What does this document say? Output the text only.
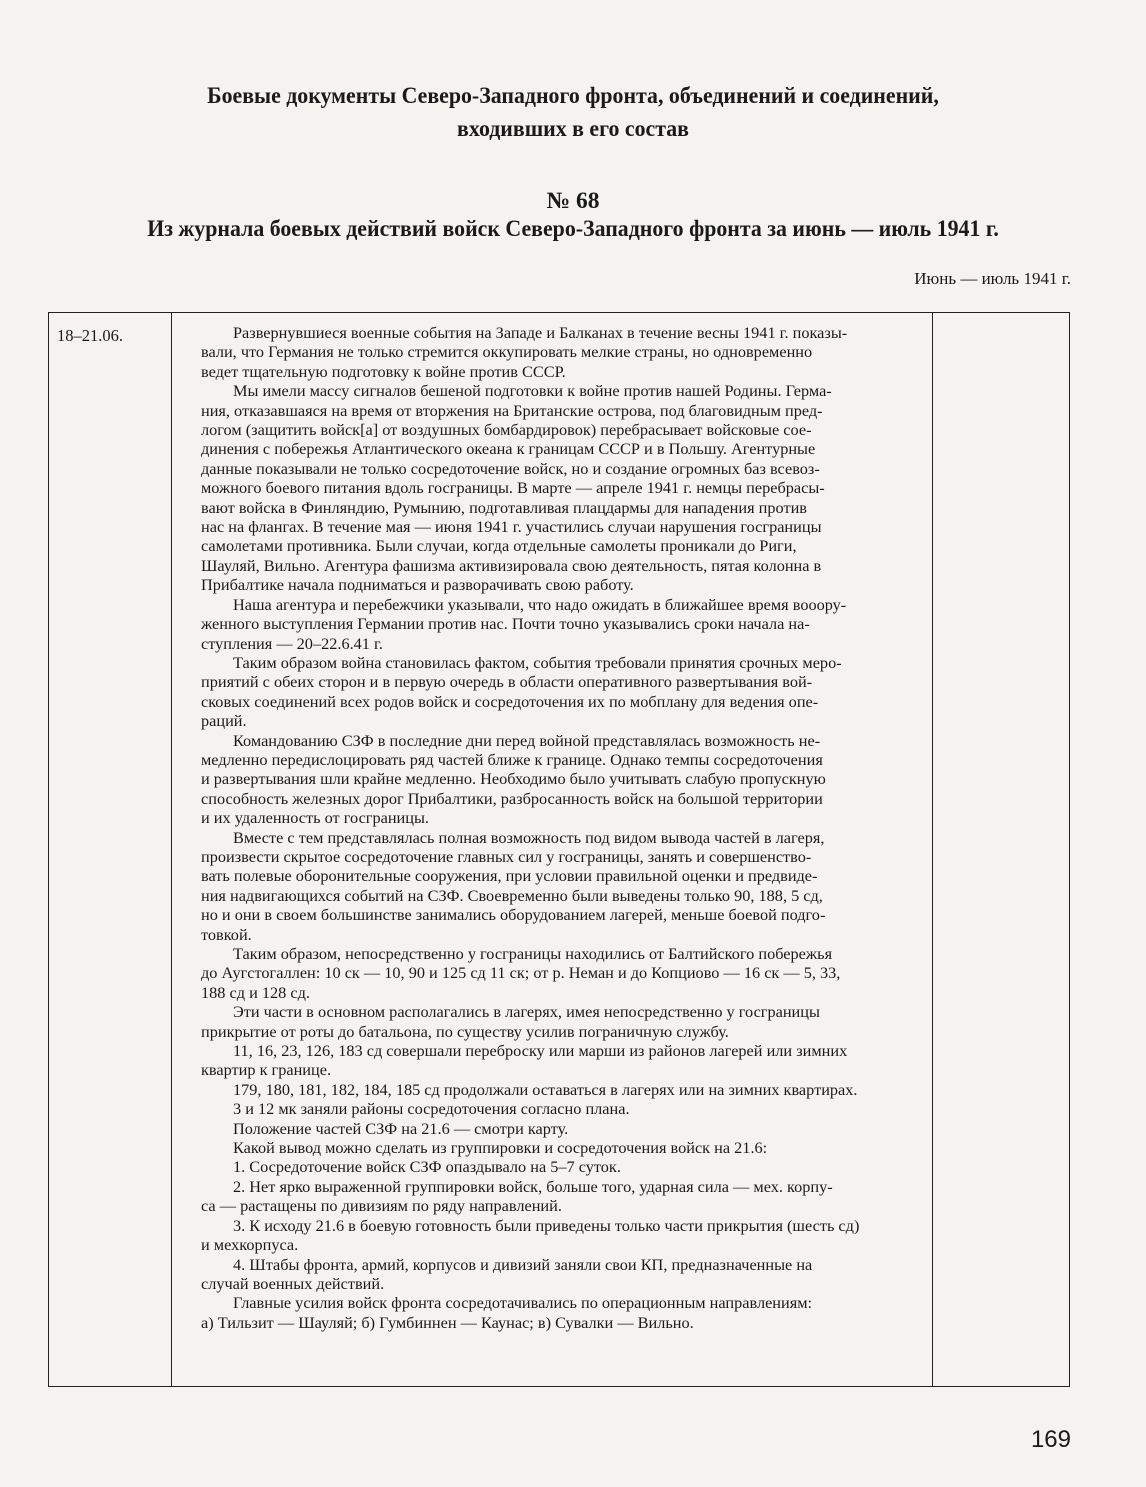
Боевые документы Северо-Западного фронта, объединений и соединений,
входивших в его состав
№ 68
Из журнала боевых действий войск Северо-Западного фронта за июнь — июль 1941 г.
Июнь — июль 1941 г.
18–21.06.	Развернувшиеся военные события на Западе и Балканах в течение весны 1941 г. показы-

вали, что Германия не только стремится оккупировать мелкие страны, но одновременно

ведет тщательную подготовку к войне против СССР.

Мы имели массу сигналов бешеной подготовки к войне против нашей Родины. Герма-

ния, отказавшаяся на время от вторжения на Британские острова, под благовидным пред-

логом (защитить войск[а] от воздушных бомбардировок) перебрасывает войсковые сое-

динения с побережья Атлантического океана к границам СССР и в Польшу. Агентурные

данные показывали не только сосредоточение войск, но и создание огромных баз всевоз-

можного боевого питания вдоль госграницы. В марте — апреле 1941 г. немцы перебрасы-

вают войска в Финляндию, Румынию, подготавливая плацдармы для нападения против

нас на флангах. В течение мая — июня 1941 г. участились случаи нарушения госграницы

самолетами противника. Были случаи, когда отдельные самолеты проникали до Риги,

Шауляй, Вильно. Агентура фашизма активизировала свою деятельность, пятая колонна в

Прибалтике начала подниматься и разворачивать свою работу.

Наша агентура и перебежчики указывали, что надо ожидать в ближайшее время вооору-

женного выступления Германии против нас. Почти точно указывались сроки начала на-

ступления — 20–22.6.41 г.

Таким образом война становилась фактом, события требовали принятия срочных меро-

приятий с обеих сторон и в первую очередь в области оперативного развертывания вой-

сковых соединений всех родов войск и сосредоточения их по мобплану для ведения опе-

раций.

Командованию СЗФ в последние дни перед войной представлялась возможность не-

медленно передислоцировать ряд частей ближе к границе. Однако темпы сосредоточения

и развертывания шли крайне медленно. Необходимо было учитывать слабую пропускную

способность железных дорог Прибалтики, разбросанность войск на большой территории

и их удаленность от госграницы.

Вместе с тем представлялась полная возможность под видом вывода частей в лагеря,

произвести скрытое сосредоточение главных сил у госграницы, занять и совершенство-

вать полевые оборонительные сооружения, при условии правильной оценки и предвиде-

ния надвигающихся событий на СЗФ. Своевременно были выведены только 90, 188, 5 сд,

но и они в своем большинстве занимались оборудованием лагерей, меньше боевой подго-

товкой.

Таким образом, непосредственно у госграницы находились от Балтийского побережья

до Аугстогаллен: 10 ск — 10, 90 и 125 сд 11 ск; от р. Неман и до Копциово — 16 ск — 5, 33,

188 сд и 128 сд.

Эти части в основном располагались в лагерях, имея непосредственно у госграницы

прикрытие от роты до батальона, по существу усилив пограничную службу.

11, 16, 23, 126, 183 сд совершали переброску или марши из районов лагерей или зимних

квартир к границе.

179, 180, 181, 182, 184, 185 сд продолжали оставаться в лагерях или на зимних квартирах.

3 и 12 мк заняли районы сосредоточения согласно плана.

Положение частей СЗФ на 21.6 — смотри карту.

Какой вывод можно сделать из группировки и сосредоточения войск на 21.6:

1. Сосредоточение войск СЗФ опаздывало на 5–7 суток.

2. Нет ярко выраженной группировки войск, больше того, ударная сила — мех. корпу-

са — растащены по дивизиям по ряду направлений.

3. К исходу 21.6 в боевую готовность были приведены только части прикрытия (шесть сд)

и мехкорпуса.

4. Штабы фронта, армий, корпусов и дивизий заняли свои КП, предназначенные на

случай военных действий.

Главные усилия войск фронта сосредотачивались по операционным направлениям:

а) Тильзит — Шауляй; б) Гумбиннен — Каунас; в) Сувалки — Вильно.

169
